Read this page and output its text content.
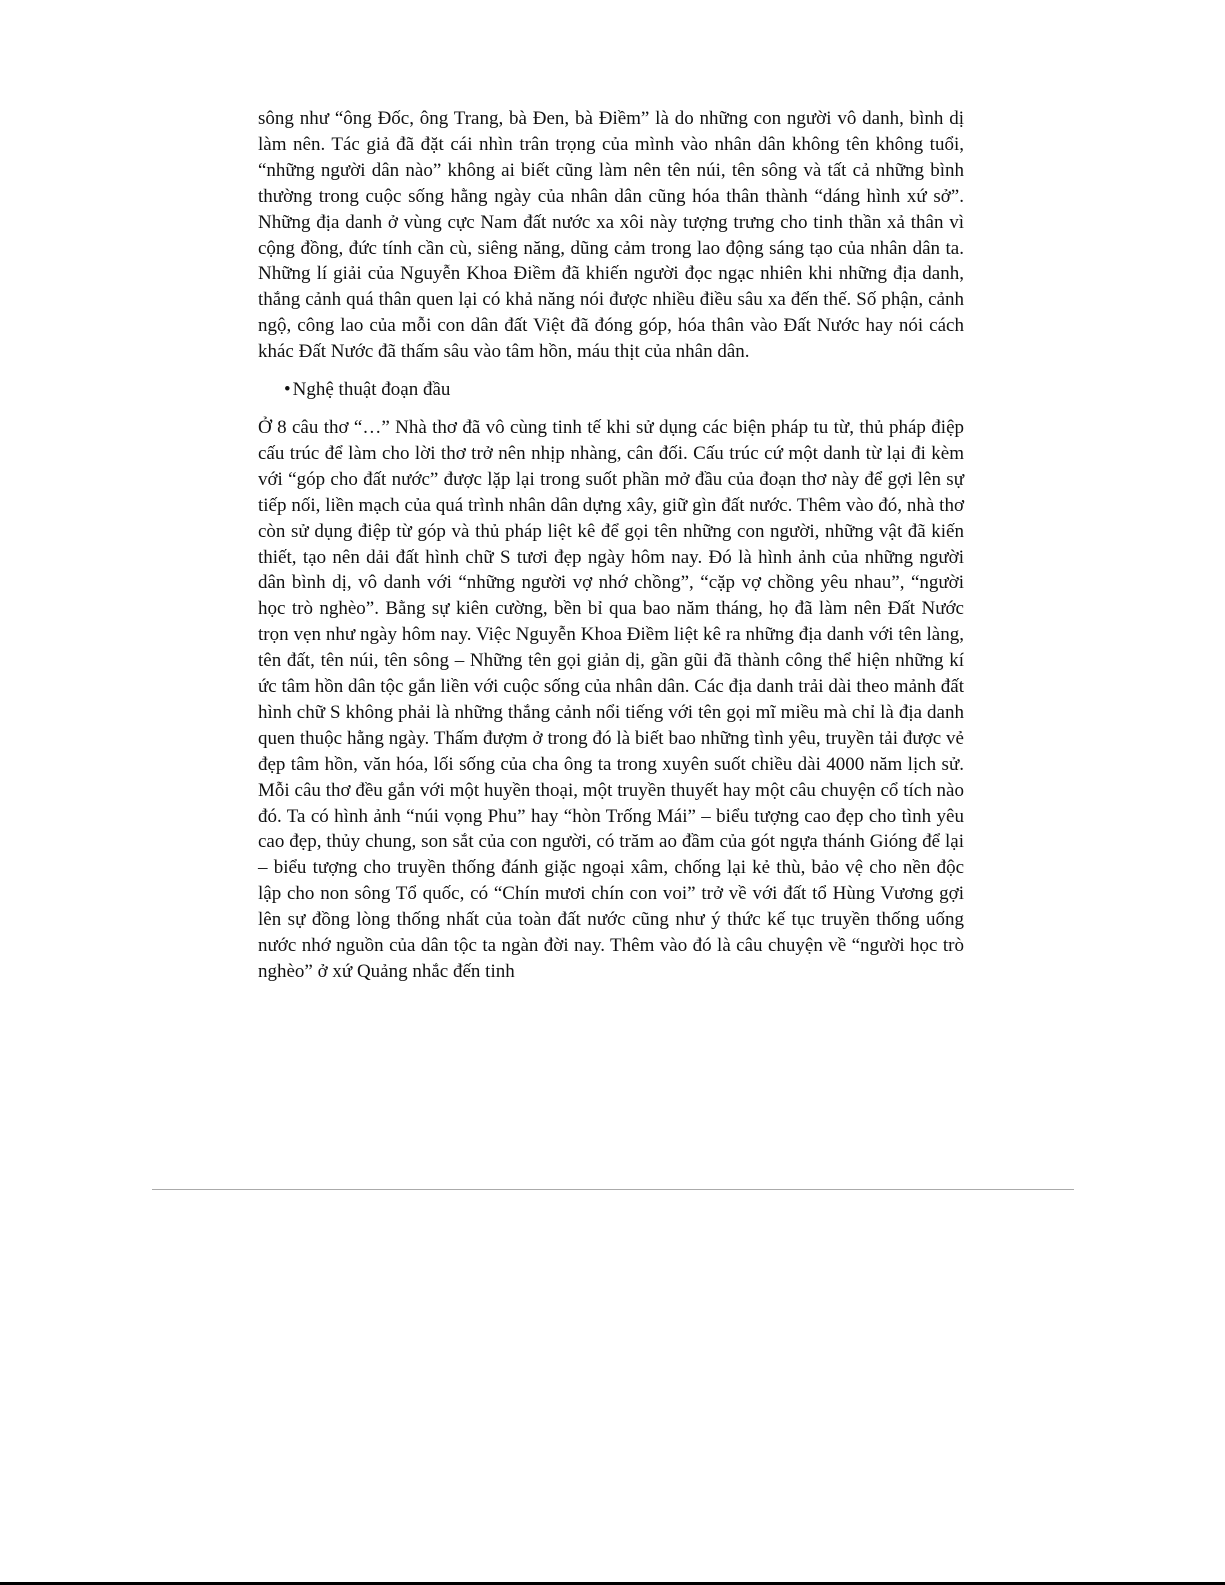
sông như “ông Đốc, ông Trang, bà Đen, bà Điềm” là do những con người vô danh, bình dị làm nên. Tác giả đã đặt cái nhìn trân trọng của mình vào nhân dân không tên không tuổi, “những người dân nào” không ai biết cũng làm nên tên núi, tên sông và tất cả những bình thường trong cuộc sống hằng ngày của nhân dân cũng hóa thân thành “dáng hình xứ sở”. Những địa danh ở vùng cực Nam đất nước xa xôi này tượng trưng cho tinh thần xả thân vì cộng đồng, đức tính cần cù, siêng năng, dũng cảm trong lao động sáng tạo của nhân dân ta. Những lí giải của Nguyễn Khoa Điềm đã khiến người đọc ngạc nhiên khi những địa danh, thắng cảnh quá thân quen lại có khả năng nói được nhiều điều sâu xa đến thế. Số phận, cảnh ngộ, công lao của mỗi con dân đất Việt đã đóng góp, hóa thân vào Đất Nước hay nói cách khác Đất Nước đã thấm sâu vào tâm hồn, máu thịt của nhân dân.

• Nghệ thuật đoạn đầu

Ở 8 câu thơ “…” Nhà thơ đã vô cùng tinh tế khi sử dụng các biện pháp tu từ, thủ pháp điệp cấu trúc để làm cho lời thơ trở nên nhịp nhàng, cân đối. Cấu trúc cứ một danh từ lại đi kèm với “góp cho đất nước” được lặp lại trong suốt phần mở đầu của đoạn thơ này để gợi lên sự tiếp nối, liền mạch của quá trình nhân dân dựng xây, giữ gìn đất nước. Thêm vào đó, nhà thơ còn sử dụng điệp từ góp và thủ pháp liệt kê để gọi tên những con người, những vật đã kiến thiết, tạo nên dải đất hình chữ S tươi đẹp ngày hôm nay. Đó là hình ảnh của những người dân bình dị, vô danh với “những người vợ nhớ chồng”, “cặp vợ chồng yêu nhau”, “người học trò nghèo”. Bằng sự kiên cường, bền bỉ qua bao năm tháng, họ đã làm nên Đất Nước trọn vẹn như ngày hôm nay. Việc Nguyễn Khoa Điềm liệt kê ra những địa danh với tên làng, tên đất, tên núi, tên sông – Những tên gọi giản dị, gần gũi đã thành công thể hiện những kí ức tâm hồn dân tộc gắn liền với cuộc sống của nhân dân. Các địa danh trải dài theo mảnh đất hình chữ S không phải là những thắng cảnh nổi tiếng với tên gọi mĩ miều mà chỉ là địa danh quen thuộc hằng ngày. Thấm đượm ở trong đó là biết bao những tình yêu, truyền tải được vẻ đẹp tâm hồn, văn hóa, lối sống của cha ông ta trong xuyên suốt chiều dài 4000 năm lịch sử. Mỗi câu thơ đều gắn với một huyền thoại, một truyền thuyết hay một câu chuyện cổ tích nào đó. Ta có hình ảnh “núi vọng Phu” hay “hòn Trống Mái” – biểu tượng cao đẹp cho tình yêu cao đẹp, thủy chung, son sắt của con người, có trăm ao đầm của gót ngựa thánh Gióng để lại – biểu tượng cho truyền thống đánh giặc ngoại xâm, chống lại kẻ thù, bảo vệ cho nền độc lập cho non sông Tổ quốc, có “Chín mươi chín con voi” trở về với đất tổ Hùng Vương gợi lên sự đồng lòng thống nhất của toàn đất nước cũng như ý thức kế tục truyền thống uống nước nhớ nguồn của dân tộc ta ngàn đời nay. Thêm vào đó là câu chuyện về “người học trò nghèo” ở xứ Quảng nhắc đến tinh
